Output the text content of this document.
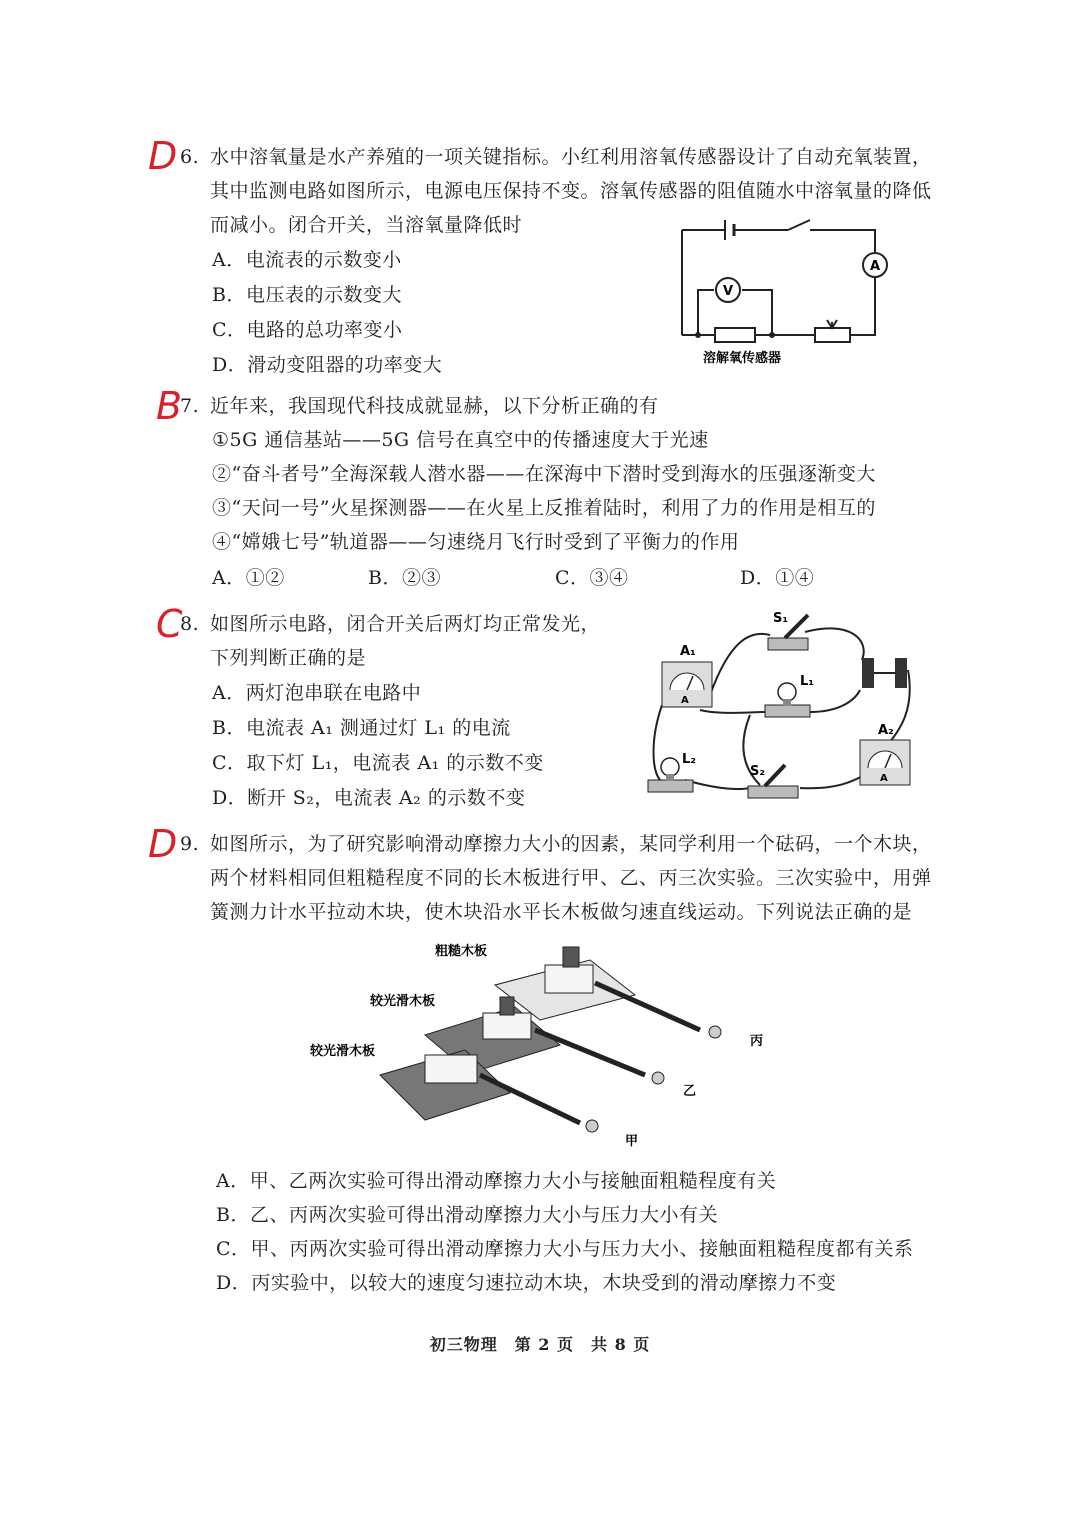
D 6. 水中溶氧量是水产养殖的一项关键指标。小红利用溶氧传感器设计了自动充氧装置，
其中监测电路如图所示，电源电压保持不变。溶氧传感器的阻值随水中溶氧量的降低
而减小。闭合开关，当溶氧量降低时
A．电流表的示数变小
B．电压表的示数变大
C．电路的总功率变小
D．滑动变阻器的功率变大
A
V
溶解氧传感器
B
7. 近年来，我国现代科技成就显赫，以下分析正确的有
①5G 通信基站——5G 信号在真空中的传播速度大于光速
②“奋斗者号”全海深载人潜水器——在深海中下潜时受到海水的压强逐渐变大
③“天问一号”火星探测器——在火星上反推着陆时，利用了力的作用是相互的
④“嫦娥七号”轨道器——匀速绕月飞行时受到了平衡力的作用
A．①②	B．②③	C．③④	D．①④
C
8. 如图所示电路，闭合开关后两灯均正常发光，
下列判断正确的是
A．两灯泡串联在电路中
B．电流表 A₁ 测通过灯 L₁ 的电流
C．取下灯 L₁，电流表 A₁ 的示数不变
D．断开 S₂，电流表 A₂ 的示数不变
S₁
A
A₁
L₁
A
A₂
L₂
S₂
D 9. 如图所示，为了研究影响滑动摩擦力大小的因素，某同学利用一个砝码，一个木块，
两个材料相同但粗糙程度不同的长木板进行甲、乙、丙三次实验。三次实验中，用弹
簧测力计水平拉动木块，使木块沿水平长木板做匀速直线运动。下列说法正确的是
粗糙木板
丙
较光滑木板
乙
较光滑木板
甲
A．甲、乙两次实验可得出滑动摩擦力大小与接触面粗糙程度有关
B．乙、丙两次实验可得出滑动摩擦力大小与压力大小有关
C．甲、丙两次实验可得出滑动摩擦力大小与压力大小、接触面粗糙程度都有关系
D．丙实验中，以较大的速度匀速拉动木块，木块受到的滑动摩擦力不变
初三物理　第 2 页　共 8 页
